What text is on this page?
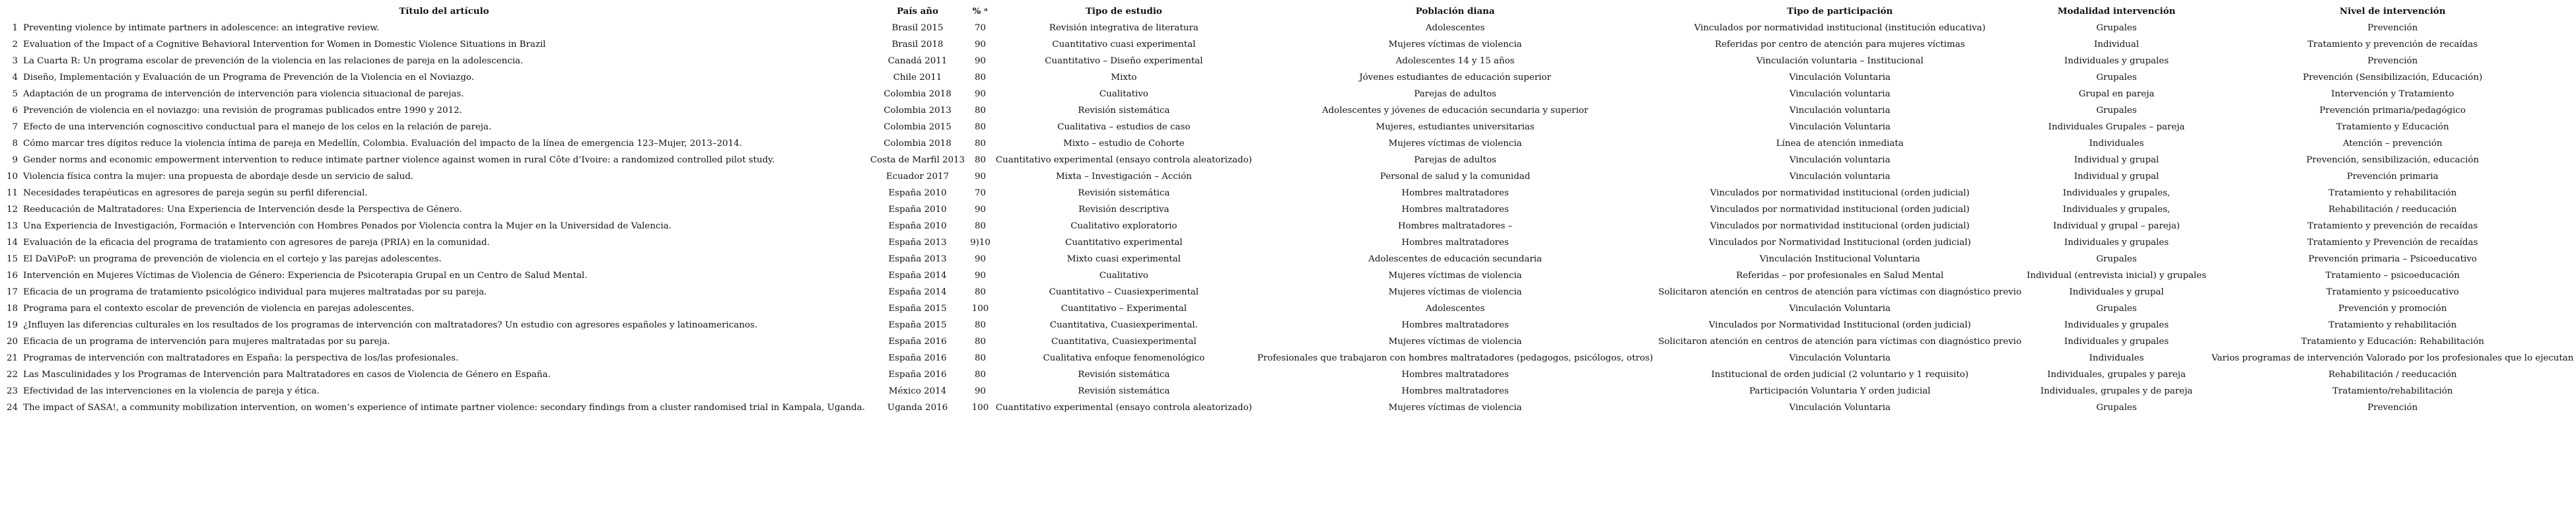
	Título del artículo	País año	% ᵃ	Tipo de estudio	Población diana	Tipo de participación	Modalidad intervención	Nivel de intervención
1	Preventing violence by intimate partners in adolescence: an integrative review.	Brasil 2015	70	Revisión integrativa de literatura	Adolescentes	Vinculados por normatividad institucional (institución educativa)	Grupales	Prevención
2	Evaluation of the Impact of a Cognitive Behavioral Intervention for Women in Domestic Violence Situations in Brazil	Brasil 2018	90	Cuantitativo cuasi experimental	Mujeres víctimas de violencia	Referidas por centro de atención para mujeres víctimas	Individual	Tratamiento y prevención de recaídas
3	La Cuarta R: Un programa escolar de prevención de la violencia en las relaciones de pareja en la adolescencia.	Canadá 2011	90	Cuantitativo – Diseño experimental	Adolescentes 14 y 15 años	Vinculación voluntaria – Institucional	Individuales y grupales	Prevención
4	Diseño, Implementación y Evaluación de un Programa de Prevención de la Violencia en el Noviazgo.	Chile 2011	80	Mixto	Jóvenes estudiantes de educación superior	Vinculación Voluntaria	Grupales	Prevención (Sensibilización, Educación)
5	Adaptación de un programa de intervención de intervención para violencia situacional de parejas.	Colombia 2018	90	Cualitativo	Parejas de adultos	Vinculación voluntaria	Grupal en pareja	Intervención y Tratamiento
6	Prevención de violencia en el noviazgo: una revisión de programas publicados entre 1990 y 2012.	Colombia 2013	80	Revisión sistemática	Adolescentes y jóvenes de educación secundaria y superior	Vinculación voluntaria	Grupales	Prevención primaria/pedagógico
7	Efecto de una intervención cognoscitivo conductual para el manejo de los celos en la relación de pareja.	Colombia 2015	80	Cualitativa – estudios de caso	Mujeres, estudiantes universitarias	Vinculación Voluntaria	Individuales Grupales – pareja	Tratamiento y Educación
8	Cómo marcar tres dígitos reduce la violencia íntima de pareja en Medellín, Colombia. Evaluación del impacto de la línea de emergencia 123–Mujer, 2013–2014.	Colombia 2018	80	Mixto – estudio de Cohorte	Mujeres víctimas de violencia	Línea de atención inmediata	Individuales	Atención – prevención
9	Gender norms and economic empowerment intervention to reduce intimate partner violence against women in rural Côte d’Ivoire: a randomized controlled pilot study.	Costa de Marfil 2013	80	Cuantitativo experimental (ensayo controla aleatorizado)	Parejas de adultos	Vinculación voluntaria	Individual y grupal	Prevención, sensibilización, educación
10	Violencia física contra la mujer: una propuesta de abordaje desde un servicio de salud.	Ecuador 2017	90	Mixta – Investigación – Acción	Personal de salud y la comunidad	Vinculación voluntaria	Individual y grupal	Prevención primaria
11	Necesidades terapéuticas en agresores de pareja según su perfil diferencial.	España 2010	70	Revisión sistemática	Hombres maltratadores	Vinculados por normatividad institucional (orden judicial)	Individuales y grupales,	Tratamiento y rehabilitación
12	Reeducación de Maltratadores: Una Experiencia de Intervención desde la Perspectiva de Género.	España 2010	90	Revisión descriptiva	Hombres maltratadores	Vinculados por normatividad institucional (orden judicial)	Individuales y grupales,	Rehabilitación / reeducación
13	Una Experiencia de Investigación, Formación e Intervención con Hombres Penados por Violencia contra la Mujer en la Universidad de Valencia.	España 2010	80	Cualitativo exploratorio	Hombres maltratadores –	Vinculados por normatividad institucional (orden judicial)	Individual y grupal – pareja)	Tratamiento y prevención de recaídas
14	Evaluación de la eficacia del programa de tratamiento con agresores de pareja (PRIA) en la comunidad.	España 2013	9)10	Cuantitativo experimental	Hombres maltratadores	Vinculados por Normatividad Institucional (orden judicial)	Individuales y grupales	Tratamiento y Prevención de recaídas
15	El DaViPoP: un programa de prevención de violencia en el cortejo y las parejas adolescentes.	España 2013	90	Mixto cuasi experimental	Adolescentes de educación secundaria	Vinculación Institucional Voluntaria	Grupales	Prevención primaria – Psicoeducativo
16	Intervención en Mujeres Víctimas de Violencia de Género: Experiencia de Psicoterapia Grupal en un Centro de Salud Mental.	España 2014	90	Cualitativo	Mujeres víctimas de violencia	Referidas – por profesionales en Salud Mental	Individual (entrevista inicial) y grupales	Tratamiento – psicoeducación
17	Eficacia de un programa de tratamiento psicológico individual para mujeres maltratadas por su pareja.	España 2014	80	Cuantitativo – Cuasiexperimental	Mujeres víctimas de violencia	Solicitaron atención en centros de atención para víctimas con diagnóstico previo	Individuales y grupal	Tratamiento y psicoeducativo
18	Programa para el contexto escolar de prevención de violencia en parejas adolescentes.	España 2015	100	Cuantitativo – Experimental	Adolescentes	Vinculación Voluntaria	Grupales	Prevención y promoción
19	¿Influyen las diferencias culturales en los resultados de los programas de intervención con maltratadores? Un estudio con agresores españoles y latinoamericanos.	España 2015	80	Cuantitativa, Cuasiexperimental.	Hombres maltratadores	Vinculados por Normatividad Institucional (orden judicial)	Individuales y grupales	Tratamiento y rehabilitación
20	Eficacia de un programa de intervención para mujeres maltratadas por su pareja.	España 2016	80	Cuantitativa, Cuasiexperimental	Mujeres víctimas de violencia	Solicitaron atención en centros de atención para víctimas con diagnóstico previo	Individuales y grupales	Tratamiento y Educación: Rehabilitación
21	Programas de intervención con maltratadores en España: la perspectiva de los/las profesionales.	España 2016	80	Cualitativa enfoque fenomenológico	Profesionales que trabajaron con hombres maltratadores (pedagogos, psicólogos, otros)	Vinculación Voluntaria	Individuales	Varios programas de intervención Valorado por los profesionales que lo ejecutan
22	Las Masculinidades y los Programas de Intervención para Maltratadores en casos de Violencia de Género en España.	España 2016	80	Revisión sistemática	Hombres maltratadores	Institucional de orden judicial (2 voluntario y 1 requisito)	Individuales, grupales y pareja	Rehabilitación / reeducación
23	Efectividad de las intervenciones en la violencia de pareja y ética.	México 2014	90	Revisión sistemática	Hombres maltratadores	Participación Voluntaria Y orden judicial	Individuales, grupales y de pareja	Tratamiento/rehabilitación
24	The impact of SASA!, a community mobilization intervention, on women’s experience of intimate partner violence: secondary findings from a cluster randomised trial in Kampala, Uganda.	Uganda 2016	100	Cuantitativo experimental (ensayo controla aleatorizado)	Mujeres víctimas de violencia	Vinculación Voluntaria	Grupales	Prevención
